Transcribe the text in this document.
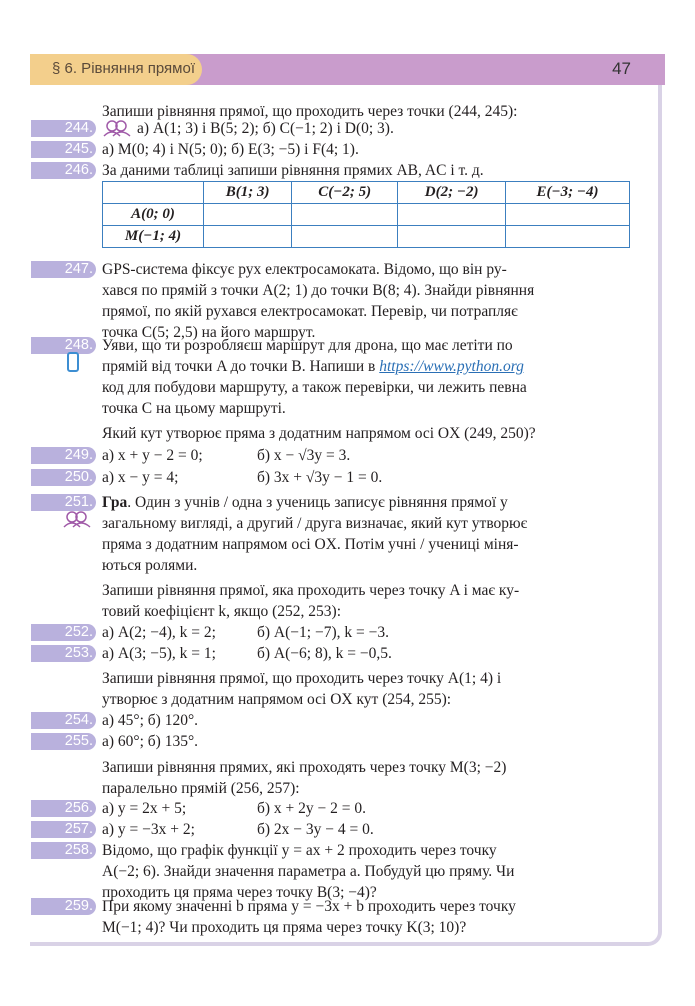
§ 6. Рівняння прямої	47
Запиши рівняння прямої, що проходить через точки (244, 245):
244.	а) A(1; 3) і B(5; 2); б) C(−1; 2) і D(0; 3).
245. а) M(0; 4) і N(5; 0); б) E(3; −5) і F(4; 1).
246. За даними таблиці запиши рівняння прямих AB, AC і т. д.
	B(1; 3)	C(−2; 5)	D(2; −2)	E(−3; −4)
A(0; 0)				
M(−1; 4)				
247. GPS-система фіксує рух електросамоката. Відомо, що він ру-
хався по прямій з точки A(2; 1) до точки B(8; 4). Знайди рівняння
прямої, по якій рухався електросамокат. Перевір, чи потрапляє
точка C(5; 2,5) на його маршрут.
248. Уяви, що ти розробляєш маршрут для дрона, що має летіти по
прямій від точки A до точки B. Напиши в https://www.python.org
код для побудови маршруту, а також перевірки, чи лежить певна
точка C на цьому маршруті.
Який кут утворює пряма з додатним напрямом осі OX (249, 250)?
249. а) x + y − 2 = 0;	б) x − √3y = 3.
250. а) x − y = 4;	б) 3x + √3y − 1 = 0.
251. Гра. Один з учнів / одна з учениць записує рівняння прямої у
загальному вигляді, а другий / друга визначає, який кут утворює
пряма з додатним напрямом осі OX. Потім учні / учениці міня-
ються ролями.
Запиши рівняння прямої, яка проходить через точку A і має ку-
товий коефіцієнт k, якщо (252, 253):
252. а) A(2; −4), k = 2;	б) A(−1; −7), k = −3.
253. а) A(3; −5), k = 1;	б) A(−6; 8), k = −0,5.
Запиши рівняння прямої, що проходить через точку A(1; 4) і
утворює з додатним напрямом осі OX кут (254, 255):
254. а) 45°; б) 120°.
255. а) 60°; б) 135°.
Запиши рівняння прямих, які проходять через точку M(3; −2)
паралельно прямій (256, 257):
256. а) y = 2x + 5;	б) x + 2y − 2 = 0.
257. а) y = −3x + 2;	б) 2x − 3y − 4 = 0.
258. Відомо, що графік функції y = ax + 2 проходить через точку
A(−2; 6). Знайди значення параметра a. Побудуй цю пряму. Чи
проходить ця пряма через точку B(3; −4)?
259. При якому значенні b пряма y = −3x + b проходить через точку
M(−1; 4)? Чи проходить ця пряма через точку K(3; 10)?
